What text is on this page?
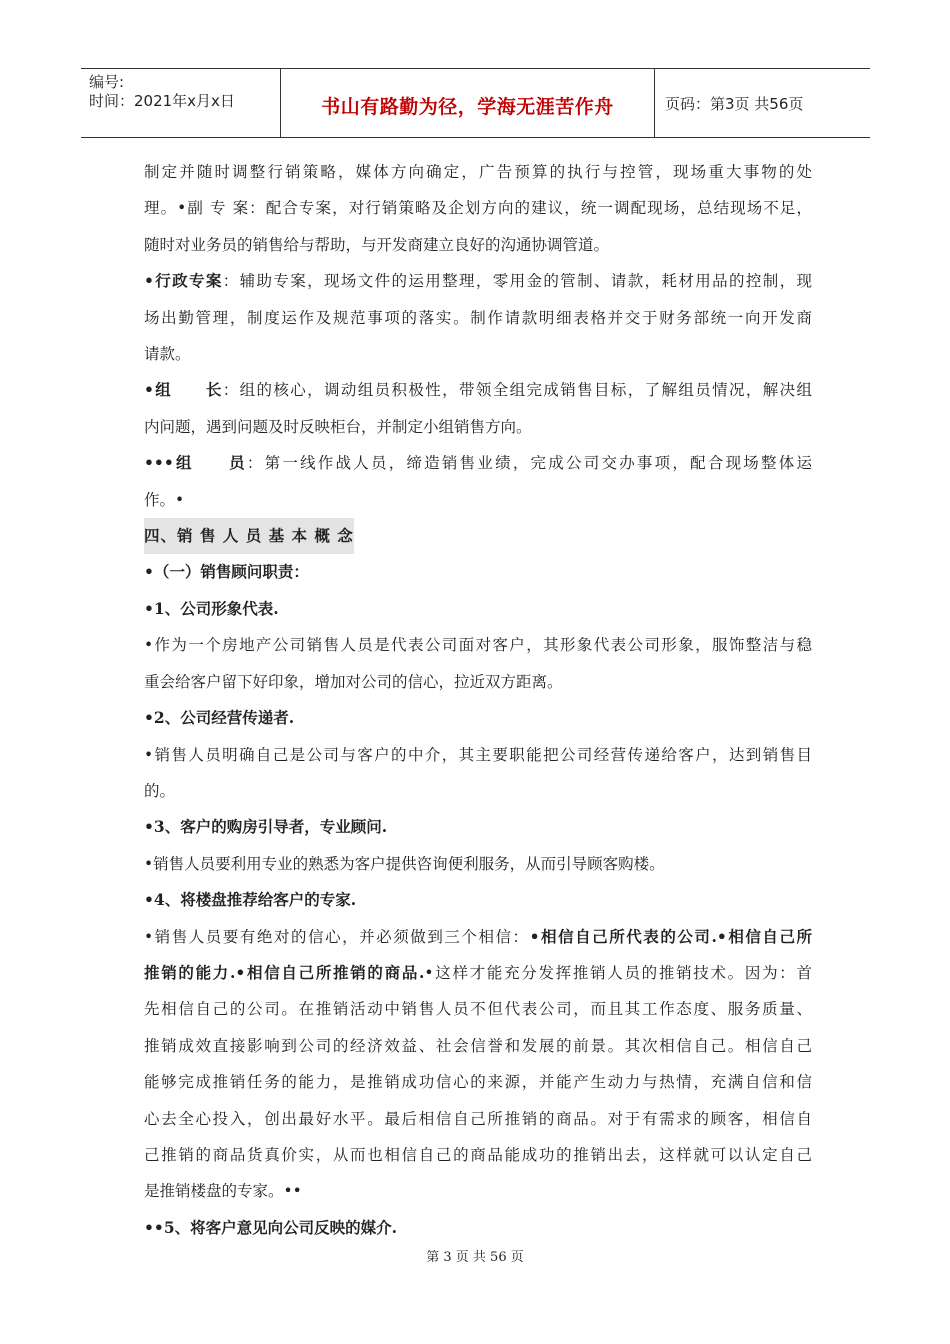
编号:
时间：2021年x月x日	书山有路勤为径，学海无涯苦作舟	页码：第3页 共56页

制定并随时调整行销策略，媒体方向确定，广告预算的执行与控管，现场重大事物的处

理。•副 专 案：配合专案，对行销策略及企划方向的建议，统一调配现场，总结现场不足，

随时对业务员的销售给与帮助，与开发商建立良好的沟通协调管道。

•行政专案：辅助专案，现场文件的运用整理，零用金的管制、请款，耗材用品的控制，现

场出勤管理，制度运作及规范事项的落实。制作请款明细表格并交于财务部统一向开发商

请款。

•组　　长：组的核心，调动组员积极性，带领全组完成销售目标，了解组员情况，解决组

内问题，遇到问题及时反映柜台，并制定小组销售方向。

•••组　　员：第一线作战人员，缔造销售业绩，完成公司交办事项，配合现场整体运

作。•

四、销 售 人 员 基 本 概 念

•（一）销售顾问职责：

•1、公司形象代表.

•作为一个房地产公司销售人员是代表公司面对客户，其形象代表公司形象，服饰整洁与稳

重会给客户留下好印象，增加对公司的信心，拉近双方距离。

•2、公司经营传递者.

•销售人员明确自己是公司与客户的中介，其主要职能把公司经营传递给客户，达到销售目

的。

•3、客户的购房引导者，专业顾问.

•销售人员要利用专业的熟悉为客户提供咨询便利服务，从而引导顾客购楼。

•4、将楼盘推荐给客户的专家.

•销售人员要有绝对的信心，并必须做到三个相信：•相信自己所代表的公司.•相信自己所

推销的能力.•相信自己所推销的商品.•这样才能充分发挥推销人员的推销技术。因为：首

先相信自己的公司。在推销活动中销售人员不但代表公司，而且其工作态度、服务质量、

推销成效直接影响到公司的经济效益、社会信誉和发展的前景。其次相信自己。相信自己

能够完成推销任务的能力，是推销成功信心的来源，并能产生动力与热情，充满自信和信

心去全心投入，创出最好水平。最后相信自己所推销的商品。对于有需求的顾客，相信自

己推销的商品货真价实，从而也相信自己的商品能成功的推销出去，这样就可以认定自己

是推销楼盘的专家。••

••5、将客户意见向公司反映的媒介.

第 3 页 共 56 页
